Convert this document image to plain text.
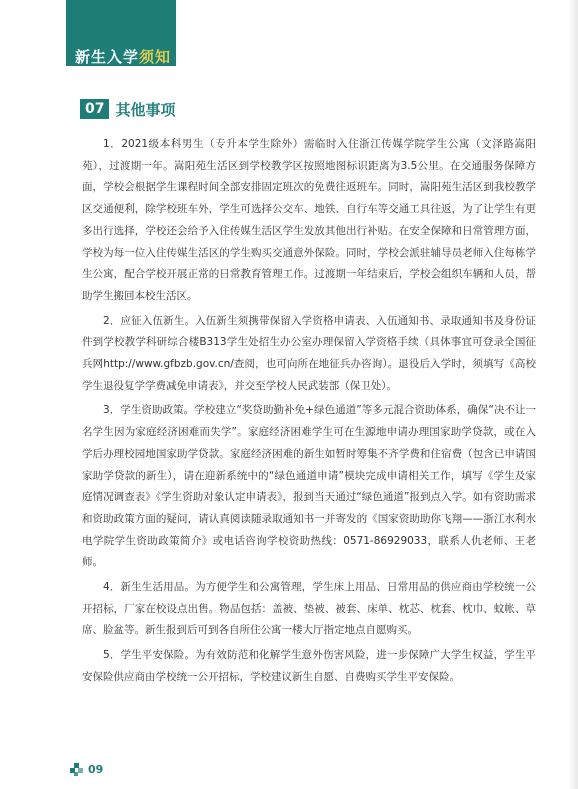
新生入学须知
07 其他事项

1．2021级本科男生（专升本学生除外）需临时入住浙江传媒学院学生公寓（文泽路嵩阳苑），过渡期一年。嵩阳苑生活区到学校教学区按照地图标识距离为3.5公里。在交通服务保障方面，学校会根据学生课程时间全部安排固定班次的免费往返班车。同时，嵩阳苑生活区到我校教学区交通便利，除学校班车外，学生可选择公交车、地铁、自行车等交通工具往返，为了让学生有更多出行选择，学校还会给予入住传媒生活区学生发放其他出行补贴。在安全保障和日常管理方面，学校为每一位入住传媒生活区的学生购买交通意外保险。同时，学校会派驻辅导员老师入住每栋学生公寓，配合学校开展正常的日常教育管理工作。过渡期一年结束后，学校会组织车辆和人员，帮助学生搬回本校生活区。

2．应征入伍新生。入伍新生须携带保留入学资格申请表、入伍通知书、录取通知书及身份证件到学校教学科研综合楼B313学生处招生办公室办理保留入学资格手续（具体事宜可登录全国征兵网http://www.gfbzb.gov.cn/查阅，也可向所在地征兵办咨询）。退役后入学时，须填写《高校学生退役复学学费减免申请表》，并交至学校人民武装部（保卫处）。

3．学生资助政策。学校建立“奖贷助勤补免+绿色通道”等多元混合资助体系，确保“决不让一名学生因为家庭经济困难而失学”。家庭经济困难学生可在生源地申请办理国家助学贷款，或在入学后办理校园地国家助学贷款。家庭经济困难的新生如暂时筹集不齐学费和住宿费（包含已申请国家助学贷款的新生），请在迎新系统中的“绿色通道申请”模块完成申请相关工作，填写《学生及家庭情况调查表》《学生资助对象认定申请表》，报到当天通过“绿色通道”报到点入学。如有资助需求和资助政策方面的疑问，请认真阅读随录取通知书一并寄发的《国家资助助你飞翔——浙江水利水电学院学生资助政策简介》或电话咨询学校资助热线：0571-86929033，联系人仇老师、王老师。

4．新生生活用品。为方便学生和公寓管理，学生床上用品、日常用品的供应商由学校统一公开招标，厂家在校设点出售。物品包括：盖被、垫被、被套、床单、枕芯、枕套、枕巾、蚊帐、草席、脸盆等。新生报到后可到各自所住公寓一楼大厅指定地点自愿购买。

5．学生平安保险。为有效防范和化解学生意外伤害风险，进一步保障广大学生权益，学生平安保险供应商由学校统一公开招标，学校建议新生自愿、自费购买学生平安保险。

09
